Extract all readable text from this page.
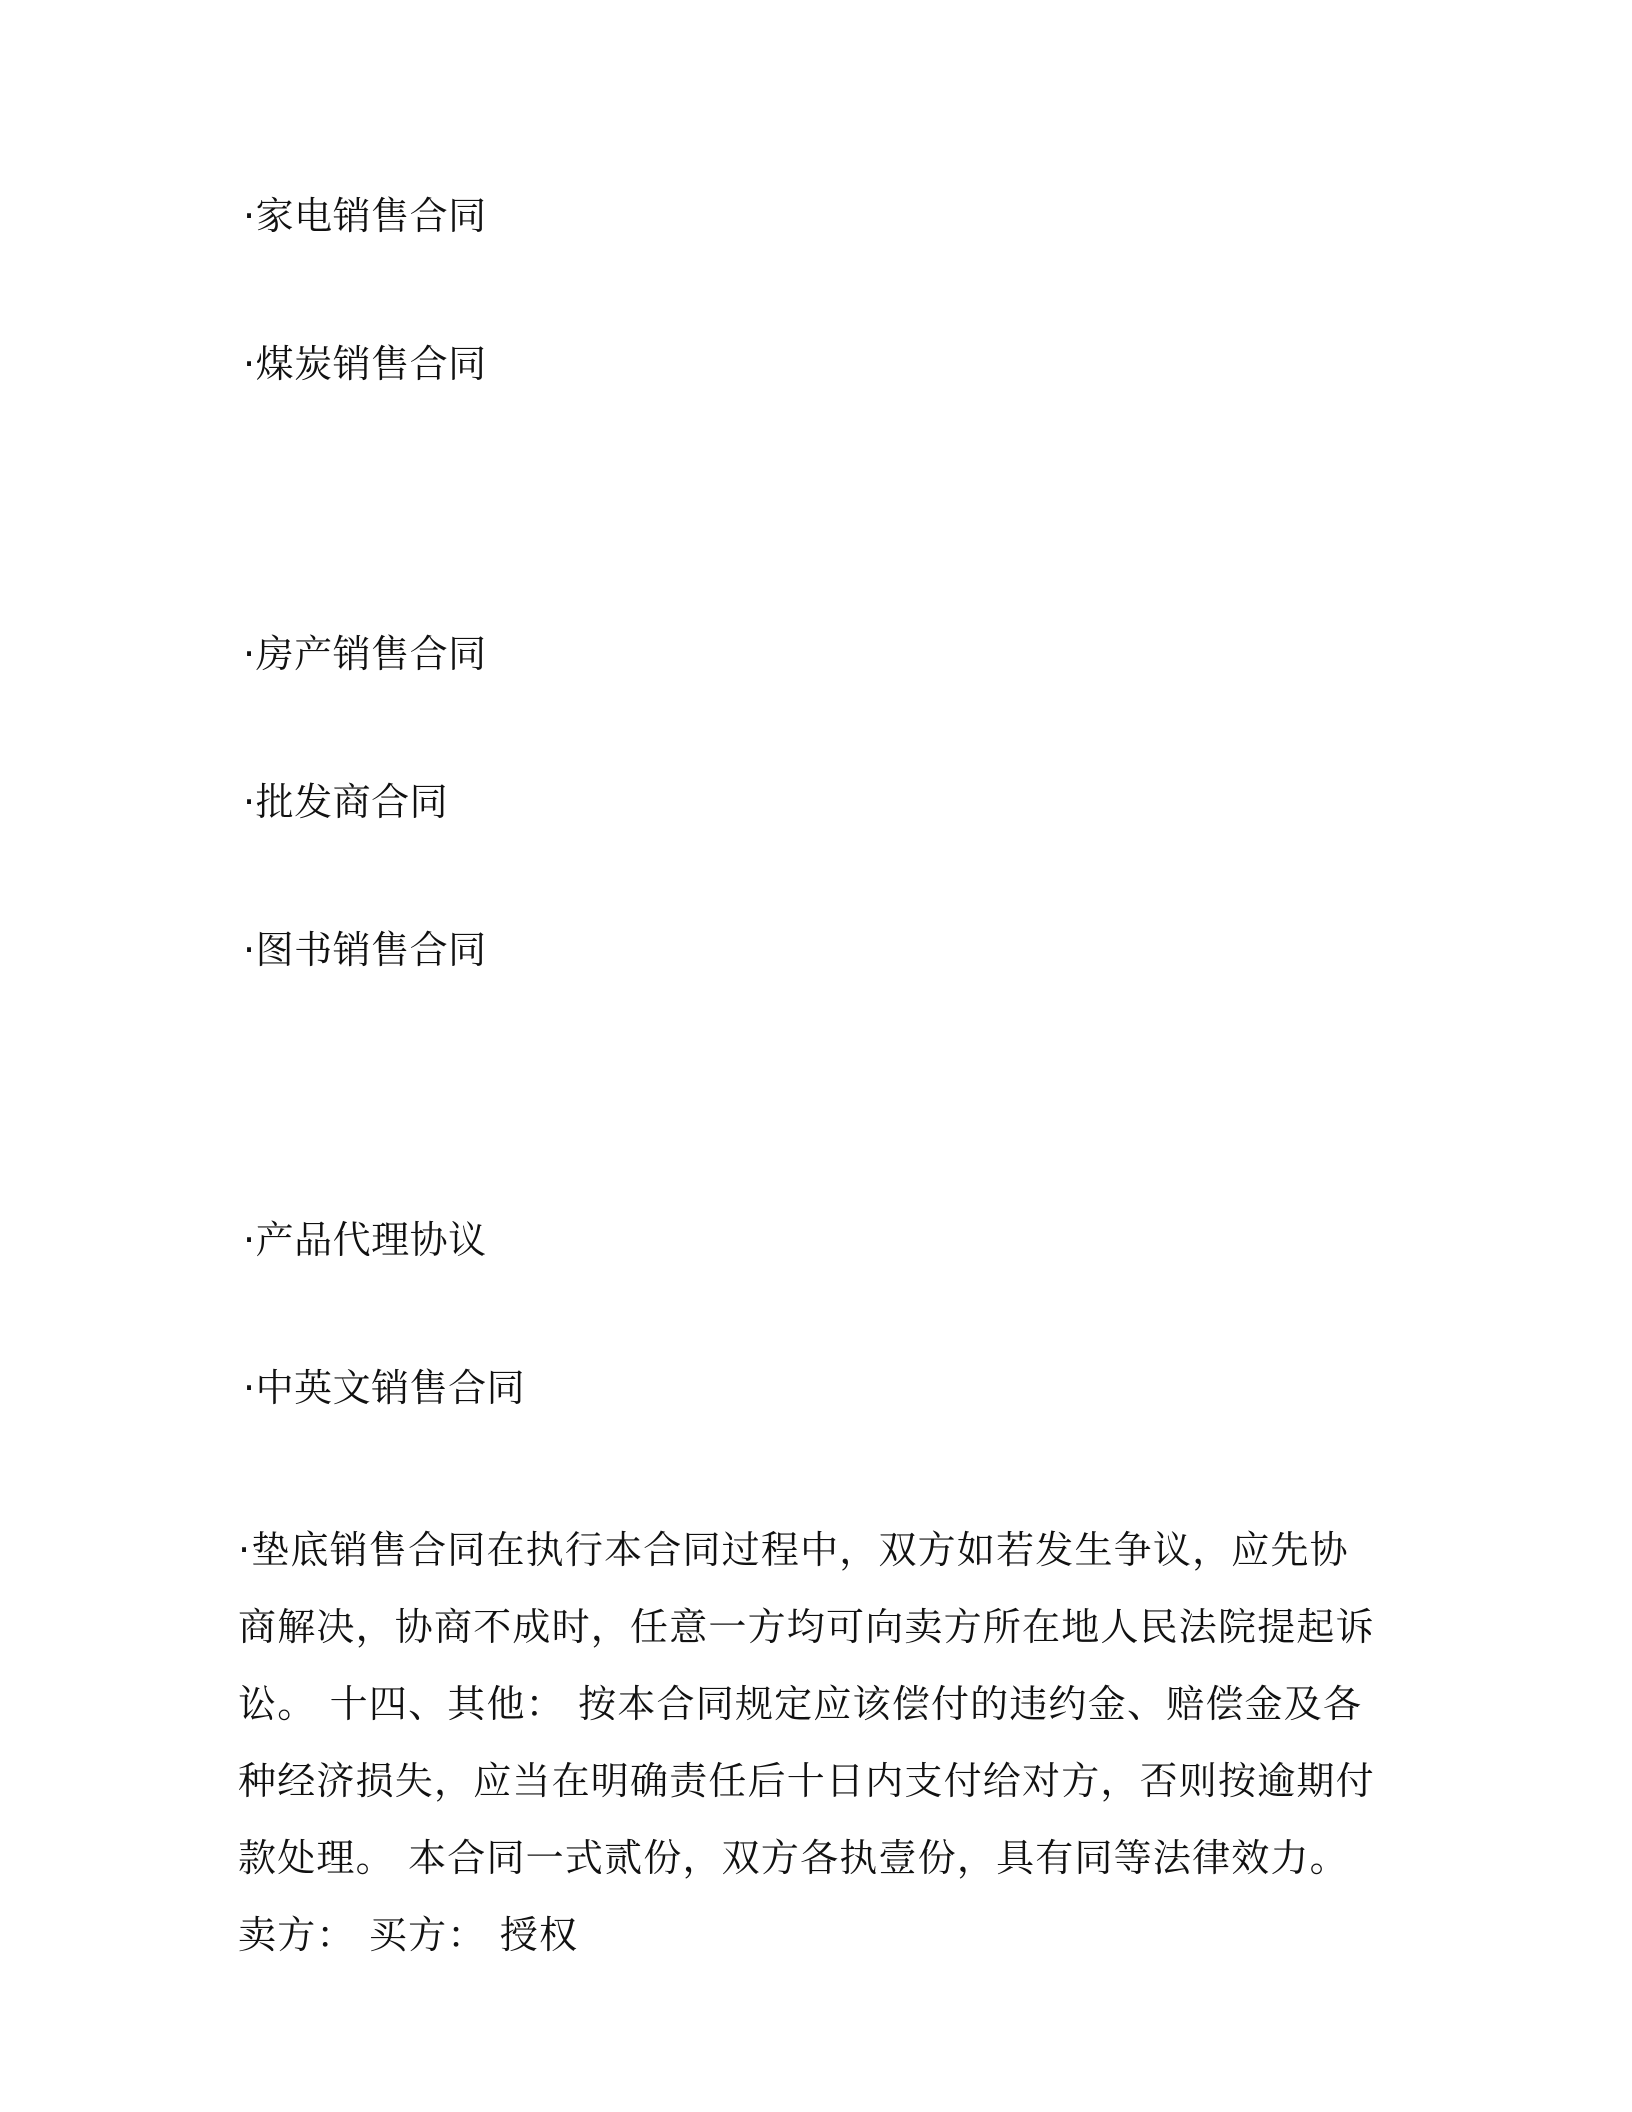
·家电销售合同
·煤炭销售合同
·房产销售合同
·批发商合同
·图书销售合同
·产品代理协议
·中英文销售合同
·垫底销售合同在执行本合同过程中，双方如若发生争议，应先协商解决，协商不成时，任意一方均可向卖方所在地人民法院提起诉讼。 十四、其他： 按本合同规定应该偿付的违约金、赔偿金及各种经济损失，应当在明确责任后十日内支付给对方，否则按逾期付款处理。 本合同一式贰份，双方各执壹份，具有同等法律效力。 卖方： 买方： 授权
